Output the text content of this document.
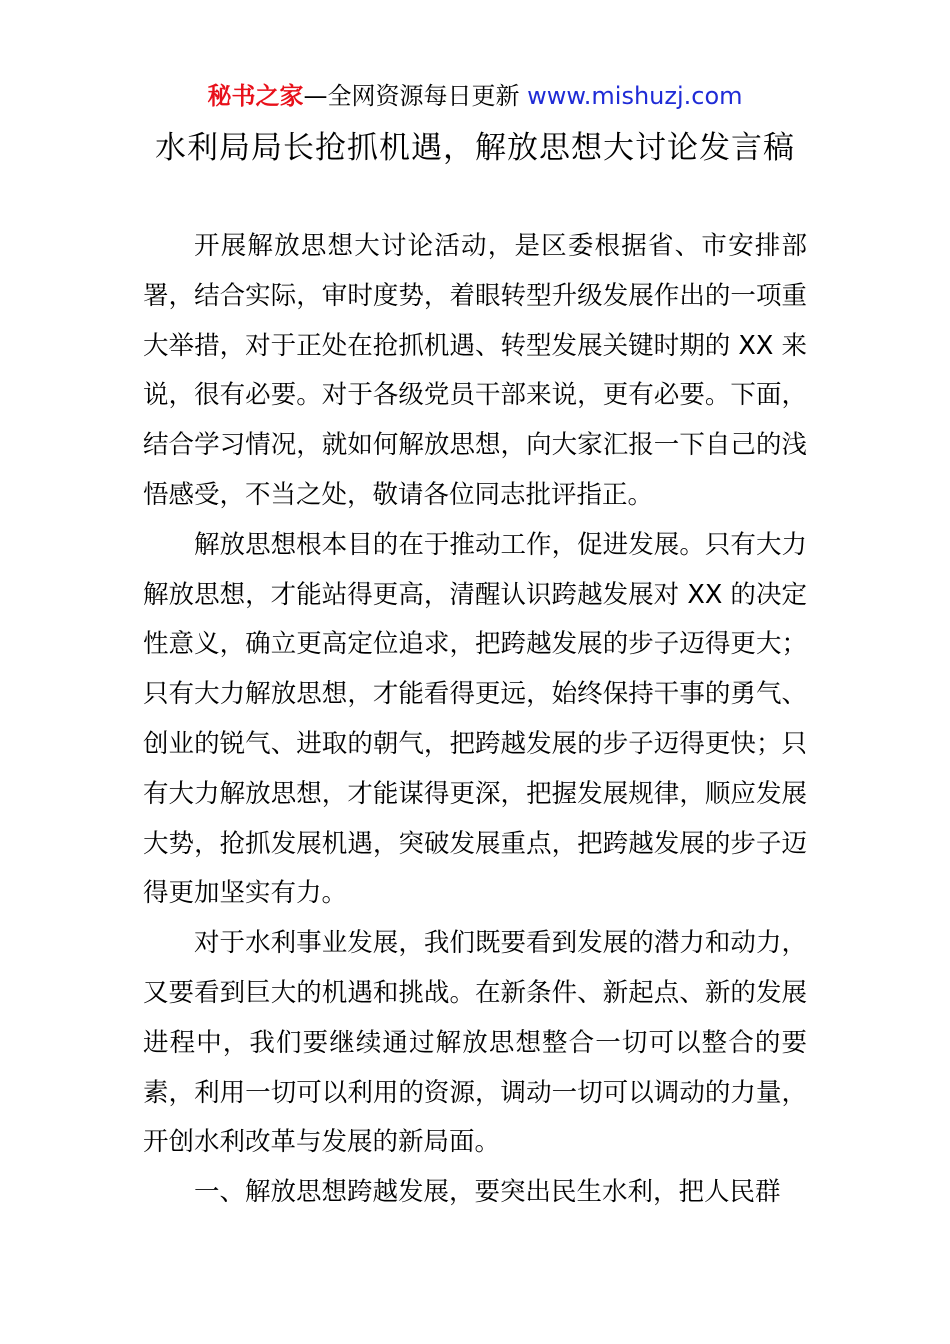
秘书之家—全网资源每日更新 www.mishuzj.com
水利局局长抢抓机遇，解放思想大讨论发言稿

开展解放思想大讨论活动，是区委根据省、市安排部署，结合实际，审时度势，着眼转型升级发展作出的一项重大举措，对于正处在抢抓机遇、转型发展关键时期的 XX 来说，很有必要。对于各级党员干部来说，更有必要。下面，结合学习情况，就如何解放思想，向大家汇报一下自己的浅悟感受，不当之处，敬请各位同志批评指正。

解放思想根本目的在于推动工作，促进发展。只有大力解放思想，才能站得更高，清醒认识跨越发展对 XX 的决定性意义，确立更高定位追求，把跨越发展的步子迈得更大；只有大力解放思想，才能看得更远，始终保持干事的勇气、创业的锐气、进取的朝气，把跨越发展的步子迈得更快；只有大力解放思想，才能谋得更深，把握发展规律，顺应发展大势，抢抓发展机遇，突破发展重点，把跨越发展的步子迈得更加坚实有力。

对于水利事业发展，我们既要看到发展的潜力和动力，又要看到巨大的机遇和挑战。在新条件、新起点、新的发展进程中，我们要继续通过解放思想整合一切可以整合的要素，利用一切可以利用的资源，调动一切可以调动的力量，开创水利改革与发展的新局面。

一、解放思想跨越发展，要突出民生水利，把人民群
